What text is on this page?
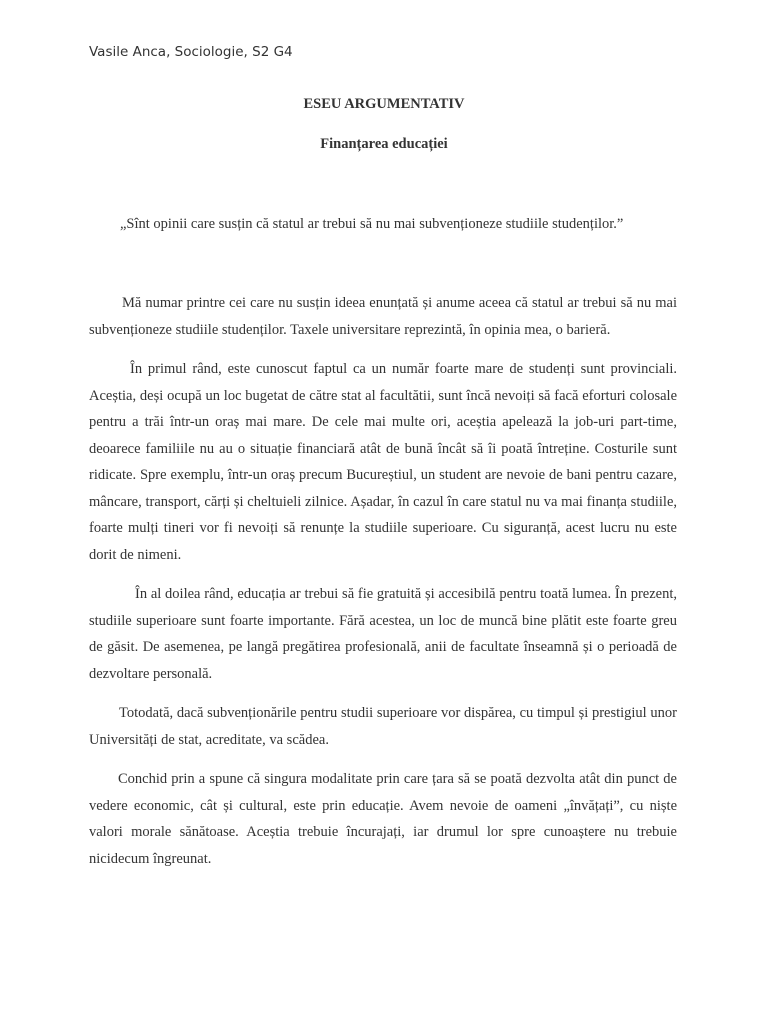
Vasile Anca, Sociologie, S2 G4

ESEU ARGUMENTATIV
Finanțarea educației

„Sînt opinii care susțin că statul ar trebui să nu mai subvenționeze studiile studenților.”

Mă numar printre cei care nu susțin ideea enunțată și anume aceea că statul ar trebui să nu mai subvenționeze studiile studenților. Taxele universitare reprezintă, în opinia mea, o barieră.

În primul rând, este cunoscut faptul ca un număr foarte mare de studenți sunt provinciali. Aceștia, deși ocupă un loc bugetat de către stat al facultătii, sunt încă nevoiți să facă eforturi colosale pentru a trăi într-un oraș mai mare. De cele mai multe ori, aceștia apelează la job-uri part-time, deoarece familiile nu au o situație financiară atât de bună încât să îi poată întreține. Costurile sunt ridicate. Spre exemplu, într-un oraș precum Bucureștiul, un student are nevoie de bani pentru cazare, mâncare, transport, cărți și cheltuieli zilnice. Așadar, în cazul în care statul nu va mai finanța studiile, foarte mulți tineri vor fi nevoiți să renunțe la studiile superioare. Cu siguranță, acest lucru nu este dorit de nimeni.

În al doilea rând, educația ar trebui să fie gratuită și accesibilă pentru toată lumea. În prezent, studiile superioare sunt foarte importante. Fără acestea, un loc de muncă bine plătit este foarte greu de găsit. De asemenea, pe langă pregătirea profesională, anii de facultate înseamnă și o perioadă de dezvoltare personală.

Totodată, dacă subvenționările pentru studii superioare vor dispărea, cu timpul și prestigiul unor Universități de stat, acreditate, va scădea.

Conchid prin a spune că singura modalitate prin care țara să se poată dezvolta atât din punct de vedere economic, cât și cultural, este prin educație. Avem nevoie de oameni „învățați”, cu niște valori morale sănătoase. Aceștia trebuie încurajați, iar drumul lor spre cunoaștere nu trebuie nicidecum îngreunat.
